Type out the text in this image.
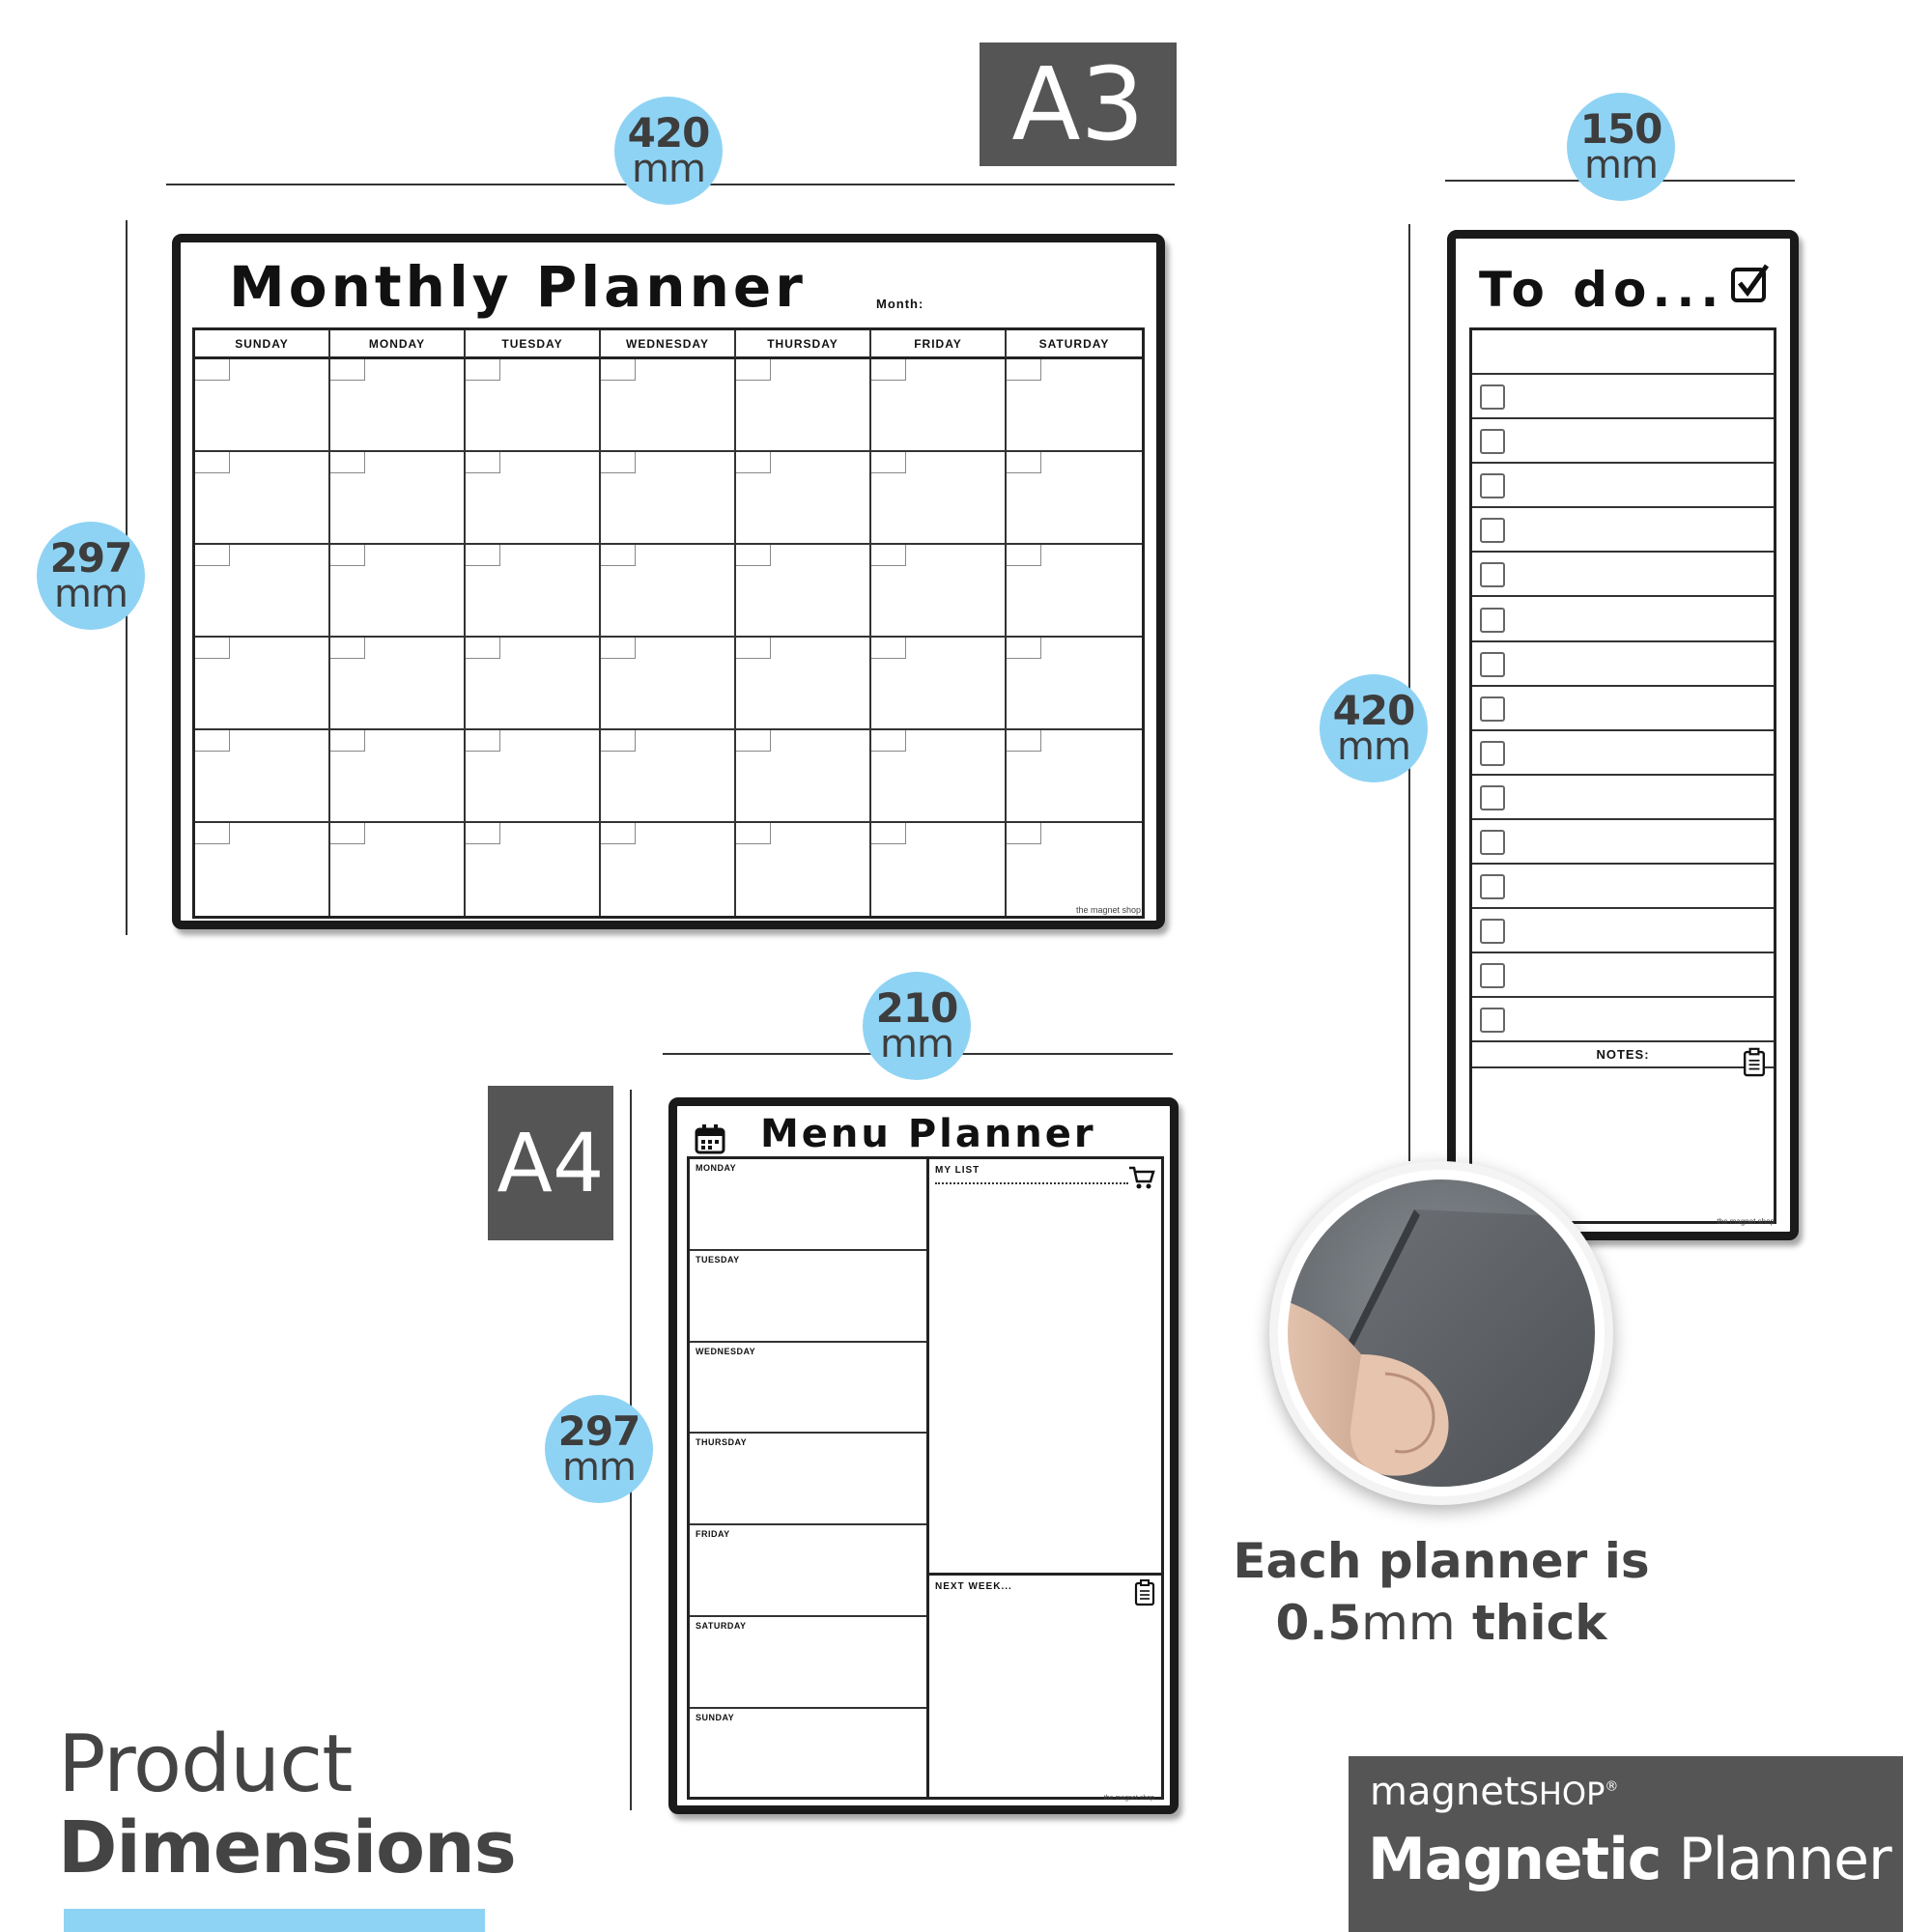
A3
420
mm
297
mm
Monthly Planner	Month:
SUNDAY	MONDAY	TUESDAY	WEDNESDAY	THURSDAY	FRIDAY	SATURDAY
the magnet shop
150
mm
420
mm
To do...
NOTES:
the magnet shop
210
mm
A4
297
mm
Menu Planner
MONDAY
TUESDAY
WEDNESDAY
THURSDAY
FRIDAY
SATURDAY
SUNDAY
MY LIST
NEXT WEEK...
the magnet shop
Each planner is
0.5mm thick
Product
Dimensions
magnetSHOP®
Magnetic Planner
